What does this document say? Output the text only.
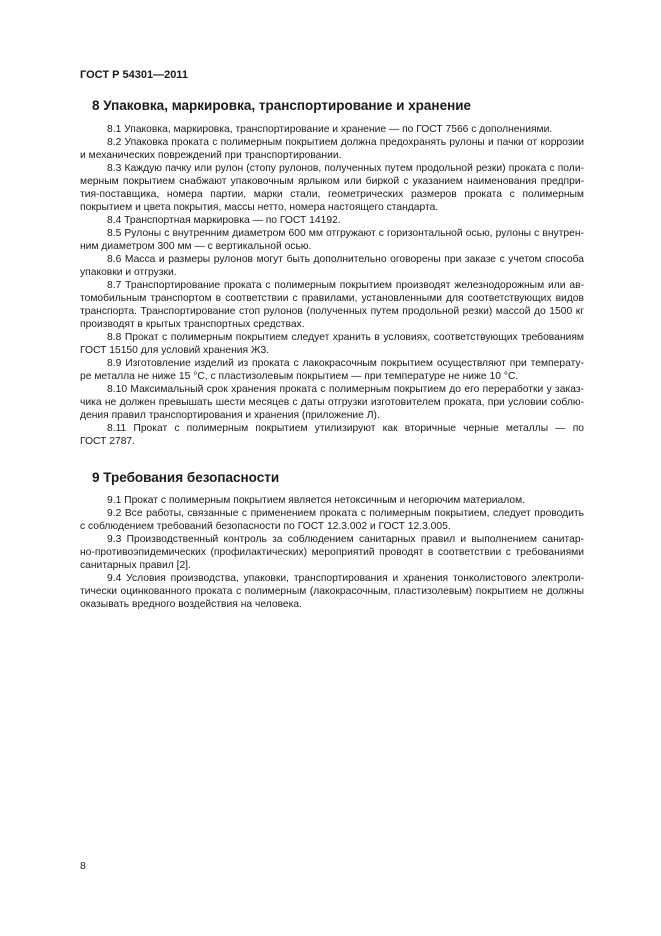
ГОСТ Р 54301—2011
8 Упаковка, маркировка, транспортирование и хранение
8.1 Упаковка, маркировка, транспортирование и хранение — по ГОСТ 7566 с дополнениями.
8.2 Упаковка проката с полимерным покрытием должна предохранять рулоны и пачки от коррозии
и механических повреждений при транспортировании.
8.3 Каждую пачку или рулон (стопу рулонов, полученных путем продольной резки) проката с поли-
мерным покрытием снабжают упаковочным ярлыком или биркой с указанием наименования предпри-
тия-поставщика, номера партии, марки стали, геометрических размеров проката с полимерным
покрытием и цвета покрытия, массы нетто, номера настоящего стандарта.
8.4 Транспортная маркировка — по ГОСТ 14192.
8.5 Рулоны с внутренним диаметром 600 мм отгружают с горизонтальной осью, рулоны с внутрен-
ним диаметром 300 мм — с вертикальной осью.
8.6 Масса и размеры рулонов могут быть дополнительно оговорены при заказе с учетом способа
упаковки и отгрузки.
8.7 Транспортирование проката с полимерным покрытием производят железнодорожным или ав-
томобильным транспортом в соответствии с правилами, установленными для соответствующих видов
транспорта. Транспортирование стоп рулонов (полученных путем продольной резки) массой до 1500 кг
производят в крытых транспортных средствах.
8.8 Прокат с полимерным покрытием следует хранить в условиях, соответствующих требованиям
ГОСТ 15150 для условий хранения Ж3.
8.9 Изготовление изделий из проката с лакокрасочным покрытием осуществляют при температу-
ре металла не ниже 15 °С, с пластизолевым покрытием — при температуре не ниже 10 °С.
8.10 Максимальный срок хранения проката с полимерным покрытием до его переработки у заказ-
чика не должен превышать шести месяцев с даты отгрузки изготовителем проката, при условии соблю-
дения правил транспортирования и хранения (приложение Л).
8.11 Прокат с полимерным покрытием утилизируют как вторичные черные металлы — по
ГОСТ 2787.
9 Требования безопасности
9.1 Прокат с полимерным покрытием является нетоксичным и негорючим материалом.
9.2 Все работы, связанные с применением проката с полимерным покрытием, следует проводить
с соблюдением требований безопасности по ГОСТ 12.3.002 и ГОСТ 12.3.005.
9.3 Производственный контроль за соблюдением санитарных правил и выполнением санитар-
но-противоэпидемических (профилактических) мероприятий проводят в соответствии с требованиями
санитарных правил [2].
9.4 Условия производства, упаковки, транспортирования и хранения тонколистового электроли-
тически оцинкованного проката с полимерным (лакокрасочным, пластизолевым) покрытием не должны
оказывать вредного воздействия на человека.
8
